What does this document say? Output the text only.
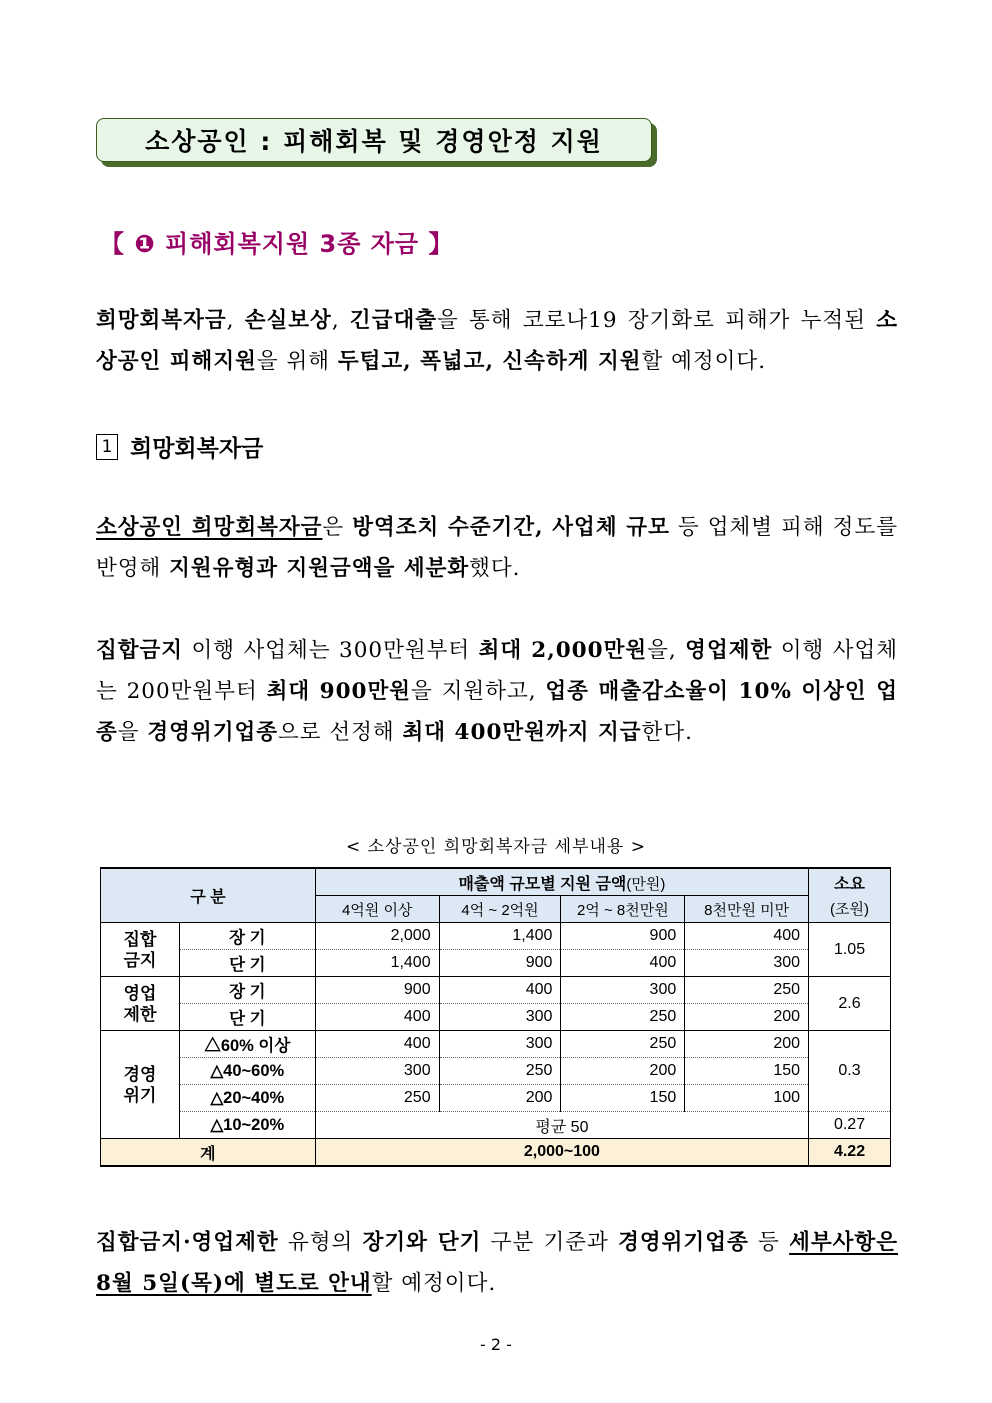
소상공인 : 피해회복 및 경영안정 지원
【 ❶ 피해회복지원 3종 자금 】
희망회복자금, 손실보상, 긴급대출을 통해 코로나19 장기화로 피해가 누적된 소상공인 피해지원을 위해 두텁고, 폭넓고, 신속하게 지원할 예정이다.
1 희망회복자금
소상공인 희망회복자금은 방역조치 수준기간, 사업체 규모 등 업체별 피해 정도를 반영해 지원유형과 지원금액을 세분화했다.
집합금지 이행 사업체는 300만원부터 최대 2,000만원을, 영업제한 이행 사업체는 200만원부터 최대 900만원을 지원하고, 업종 매출감소율이 10% 이상인 업종을 경영위기업종으로 선정해 최대 400만원까지 지급한다.
< 소상공인 희망회복자금 세부내용 >
구 분		매출액 규모별 지원 금액(만원)				소요
		4억원 이상	4억 ~ 2억원	2억 ~ 8천만원	8천만원 미만	(조원)
집합
금지	장 기	2,000	1,400	900	400	1.05
	단 기	1,400	900	400	300	
영업
제한	장 기	900	400	300	250	2.6
	단 기	400	300	250	200	
경영
위기	△60% 이상	400	300	250	200	0.3
	△40~60%	300	250	200	150	
	△20~40%	250	200	150	100	
	△10~20%	평균 50				0.27
계		2,000~100				4.22
집합금지·영업제한 유형의 장기와 단기 구분 기준과 경영위기업종 등 세부사항은 8월 5일(목)에 별도로 안내할 예정이다.
- 2 -
